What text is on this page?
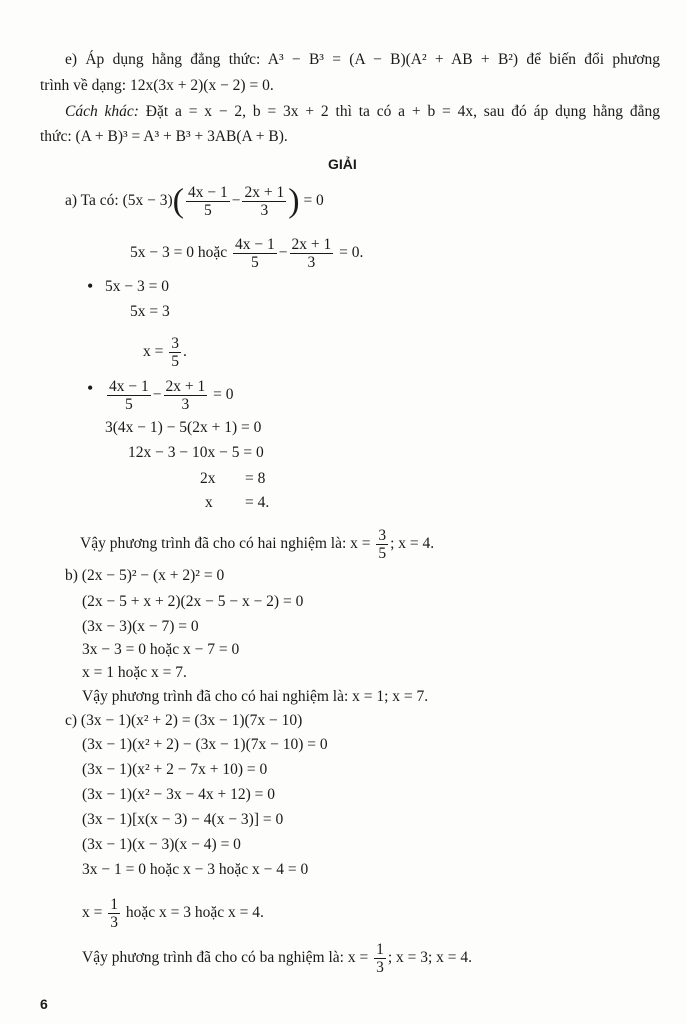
e) Áp dụng hằng đẳng thức: A³ − B³ = (A − B)(A² + AB + B²) để biến đổi phương
trình về dạng: 12x(3x + 2)(x − 2) = 0.
Cách khác: Đặt a = x − 2, b = 3x + 2 thì ta có a + b = 4x, sau đó áp dụng hằng đẳng
thức: (A + B)³ = A³ + B³ + 3AB(A + B).
GIẢI
a) Ta có: $(5x - 3)( \frac{4x - 1}{5} - \frac{2x + 1}{3}$ ) = 0
5x − 3 = 0 hoặc $\frac{4x - 1}{5} - \frac{2x + 1}{3} = 0$.
• 5x − 3 = 0
5x = 3
$x = \frac{3}{5}$ .
• $\frac{4x - 1}{5} - \frac{2x + 1}{3} = 0$
3(4x − 1) − 5(2x + 1) = 0
12x − 3 − 10x − 5 = 0
2x = 8
x = 4.
Vậy phương trình đã cho có hai nghiệm là: $x = \frac{3}{5}$ ; x = 4.
b) (2x − 5)² − (x + 2)² = 0
(2x − 5 + x + 2)(2x − 5 − x − 2) = 0
(3x − 3)(x − 7) = 0
3x − 3 = 0 hoặc x − 7 = 0
x = 1 hoặc x = 7.
Vậy phương trình đã cho có hai nghiệm là: x = 1; x = 7.
c) (3x − 1)(x² + 2) = (3x − 1)(7x − 10)
(3x − 1)(x² + 2) − (3x − 1)(7x − 10) = 0
(3x − 1)(x² + 2 − 7x + 10) = 0
(3x − 1)(x² − 3x − 4x + 12) = 0
(3x − 1)[x(x − 3) − 4(x − 3)] = 0
(3x − 1)(x − 3)(x − 4) = 0
3x − 1 = 0 hoặc x − 3 hoặc x − 4 = 0
$x = \frac{1}{3}$ hoặc x = 3 hoặc x = 4.
Vậy phương trình đã cho có ba nghiệm là: $x = \frac{1}{3}$ ; x = 3; x = 4.
6
